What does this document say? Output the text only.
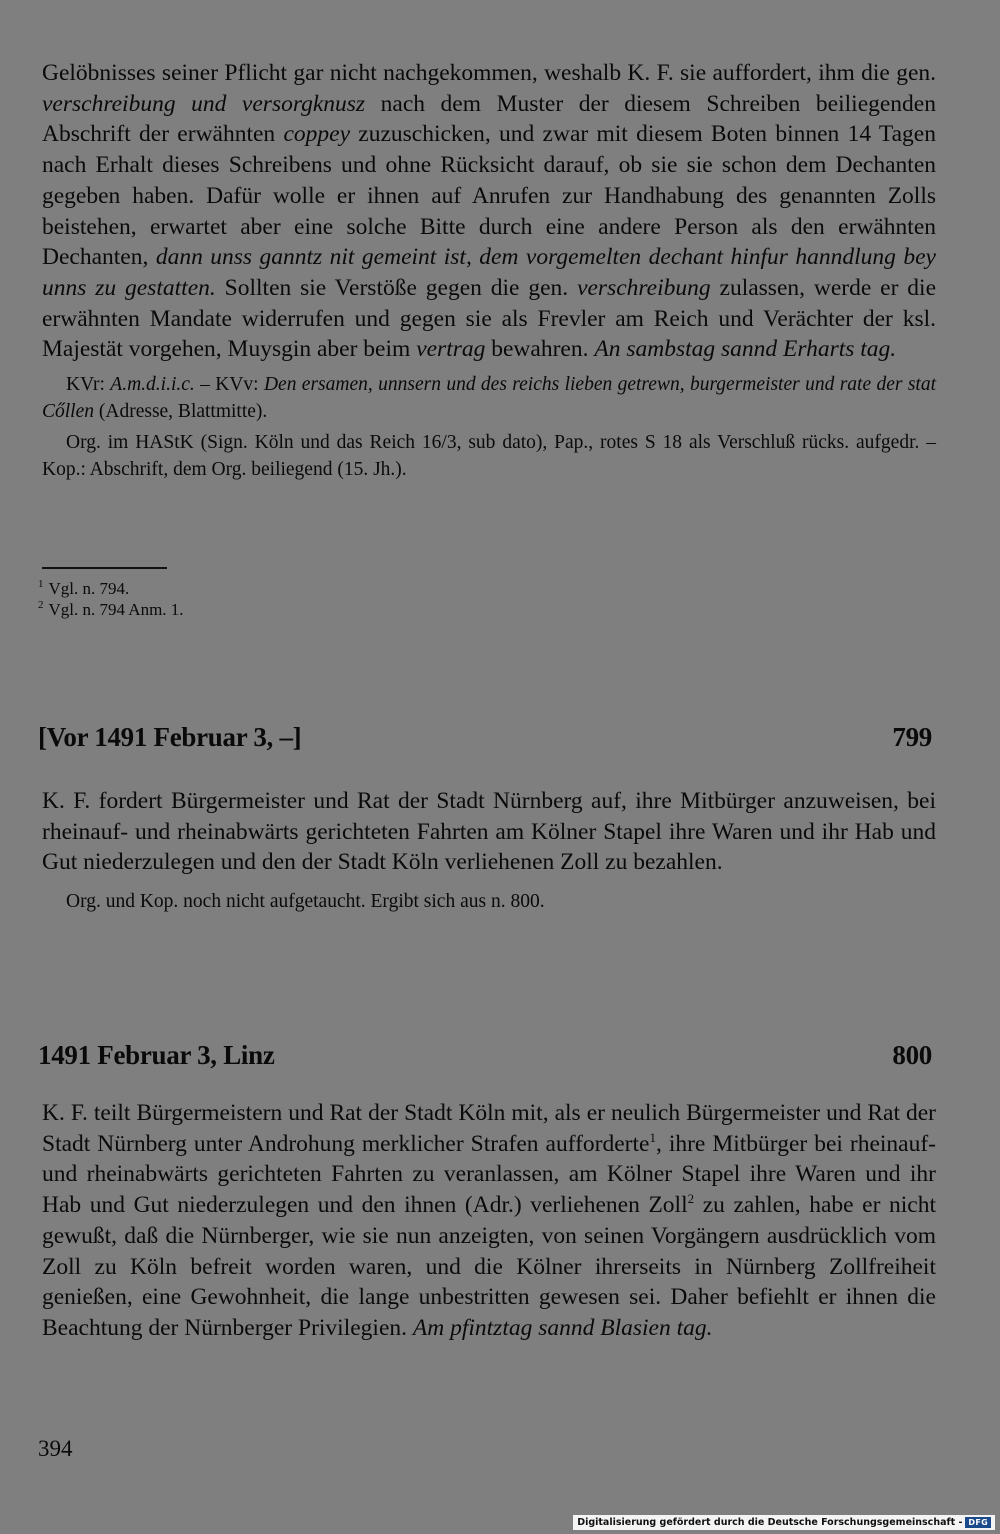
Gelöbnisses seiner Pflicht gar nicht nachgekommen, weshalb K. F. sie auffordert, ihm die gen. verschreibung und versorgknusz nach dem Muster der diesem Schreiben beiliegenden Abschrift der erwähnten coppey zuzuschicken, und zwar mit diesem Boten binnen 14 Tagen nach Erhalt dieses Schreibens und ohne Rücksicht darauf, ob sie sie schon dem Dechanten gegeben haben. Dafür wolle er ihnen auf Anrufen zur Handhabung des genannten Zolls beistehen, erwartet aber eine solche Bitte durch eine andere Person als den erwähnten Dechanten, dann unss ganntz nit gemeint ist, dem vorgemelten dechant hinfur hanndlung bey unns zu gestatten. Sollten sie Verstöße gegen die gen. verschreibung zulassen, werde er die erwähnten Mandate widerrufen und gegen sie als Frevler am Reich und Verächter der ksl. Majestät vorgehen, Muysgin aber beim vertrag bewahren. An sambstag sannd Erharts tag.

KVr: A.m.d.i.i.c. – KVv: Den ersamen, unnsern und des reichs lieben getrewn, burgermeister und rate der stat Cőllen (Adresse, Blattmitte).

Org. im HAStK (Sign. Köln und das Reich 16/3, sub dato), Pap., rotes S 18 als Verschluß rücks. aufgedr. – Kop.: Abschrift, dem Org. beiliegend (15. Jh.).

$^1$ Vgl. n. 794.
$^2$ Vgl. n. 794 Anm. 1.
[Vor 1491 Februar 3, –]	799

K. F. fordert Bürgermeister und Rat der Stadt Nürnberg auf, ihre Mitbürger anzuweisen, bei rheinauf- und rheinabwärts gerichteten Fahrten am Kölner Stapel ihre Waren und ihr Hab und Gut niederzulegen und den der Stadt Köln verliehenen Zoll zu bezahlen.

Org. und Kop. noch nicht aufgetaucht. Ergibt sich aus n. 800.

1491 Februar 3, Linz	800

K. F. teilt Bürgermeistern und Rat der Stadt Köln mit, als er neulich Bürgermeister und Rat der Stadt Nürnberg unter Androhung merklicher Strafen aufforderte$^1$, ihre Mitbürger bei rheinauf- und rheinabwärts gerichteten Fahrten zu veranlassen, am Kölner Stapel ihre Waren und ihr Hab und Gut niederzulegen und den ihnen (Adr.) verliehenen Zoll$^2$ zu zahlen, habe er nicht gewußt, daß die Nürnberger, wie sie nun anzeigten, von seinen Vorgängern ausdrücklich vom Zoll zu Köln befreit worden waren, und die Kölner ihrerseits in Nürnberg Zollfreiheit genießen, eine Gewohnheit, die lange unbestritten gewesen sei. Daher befiehlt er ihnen die Beachtung der Nürnberger Privilegien. Am pfintztag sannd Blasien tag.

394
Digitalisierung gefördert durch die Deutsche Forschungsgemeinschaft - DFG
